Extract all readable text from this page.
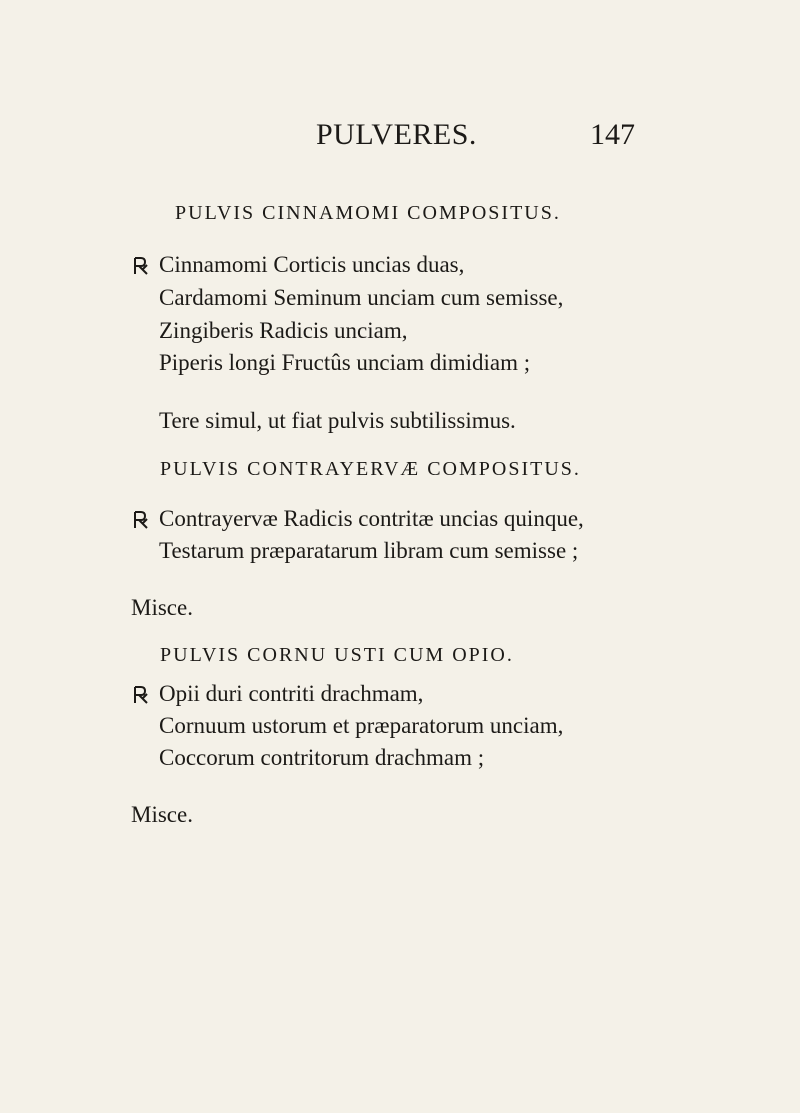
PULVERES.	147
PULVIS CINNAMOMI COMPOSITUS.
Cinnamomi Corticis uncias duas,
Cardamomi Seminum unciam cum semisse,
Zingiberis Radicis unciam,
Piperis longi Fructûs unciam dimidiam ;
Tere simul, ut fiat pulvis subtilissimus.
PULVIS CONTRAYERVÆ COMPOSITUS.
Contrayervæ Radicis contritæ uncias quinque,
Testarum præparatarum libram cum semisse ;
Misce.
PULVIS CORNU USTI CUM OPIO.
Opii duri contriti drachmam,
Cornuum ustorum et præparatorum unciam,
Coccorum contritorum drachmam ;
Misce.
